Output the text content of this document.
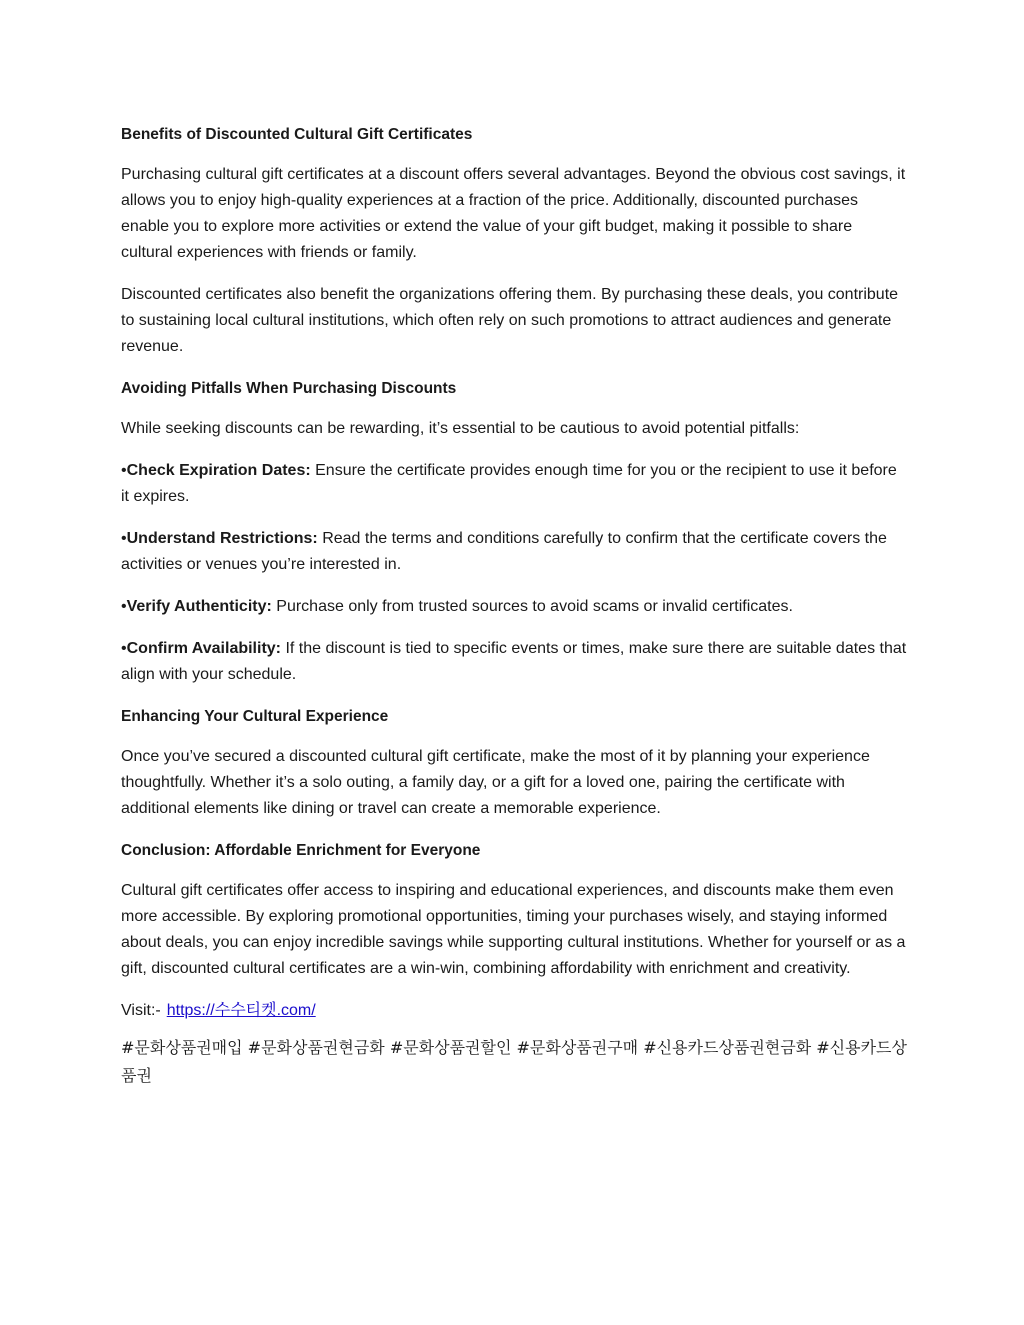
Benefits of Discounted Cultural Gift Certificates
Purchasing cultural gift certificates at a discount offers several advantages. Beyond the obvious cost savings, it allows you to enjoy high-quality experiences at a fraction of the price. Additionally, discounted purchases enable you to explore more activities or extend the value of your gift budget, making it possible to share cultural experiences with friends or family.
Discounted certificates also benefit the organizations offering them. By purchasing these deals, you contribute to sustaining local cultural institutions, which often rely on such promotions to attract audiences and generate revenue.
Avoiding Pitfalls When Purchasing Discounts
While seeking discounts can be rewarding, it’s essential to be cautious to avoid potential pitfalls:
•Check Expiration Dates: Ensure the certificate provides enough time for you or the recipient to use it before it expires.
•Understand Restrictions: Read the terms and conditions carefully to confirm that the certificate covers the activities or venues you’re interested in.
•Verify Authenticity: Purchase only from trusted sources to avoid scams or invalid certificates.
•Confirm Availability: If the discount is tied to specific events or times, make sure there are suitable dates that align with your schedule.
Enhancing Your Cultural Experience
Once you’ve secured a discounted cultural gift certificate, make the most of it by planning your experience thoughtfully. Whether it’s a solo outing, a family day, or a gift for a loved one, pairing the certificate with additional elements like dining or travel can create a memorable experience.
Conclusion: Affordable Enrichment for Everyone
Cultural gift certificates offer access to inspiring and educational experiences, and discounts make them even more accessible. By exploring promotional opportunities, timing your purchases wisely, and staying informed about deals, you can enjoy incredible savings while supporting cultural institutions. Whether for yourself or as a gift, discounted cultural certificates are a win-win, combining affordability with enrichment and creativity.
Visit:- https://수수티켓.com/
#문화상품권매입 #문화상품권현금화 #문화상품권할인 #문화상품권구매 #신용카드상품권현금화 #신용카드상품권
